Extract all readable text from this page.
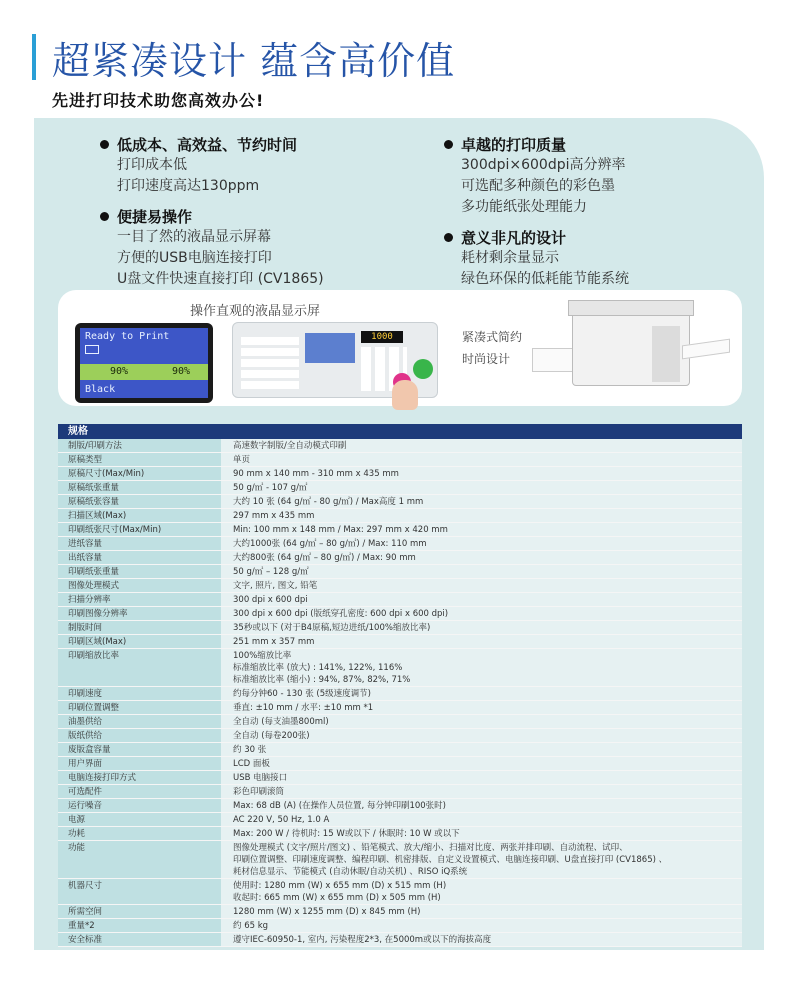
超紧凑设计 蕴含高价值
先进打印技术助您高效办公!
低成本、高效益、节约时间
打印成本低
打印速度高达130ppm
便捷易操作
一目了然的液晶显示屏幕
方便的USB电脑连接打印
U盘文件快速直接打印 (CV1865)
卓越的打印质量
300dpi×600dpi高分辨率
可选配多种颜色的彩色墨
多功能纸张处理能力
意义非凡的设计
耗材剩余量显示
绿色环保的低耗能节能系统
操作直观的液晶显示屏
Ready to Print
90%	90%
Black
1000	紧凑式简约
时尚设计
规格
制版/印刷方法	高速数字制版/全自动模式印刷
原稿类型	单页
原稿尺寸(Max/Min)	90 mm x 140 mm - 310 mm x 435 mm
原稿纸张重量	50 g/㎡ - 107 g/㎡
原稿纸张容量	大约 10 张 (64 g/㎡ - 80 g/㎡) / Max高度 1 mm
扫描区域(Max)	297 mm x 435 mm
印刷纸张尺寸(Max/Min)	Min: 100 mm x 148 mm / Max: 297 mm x 420 mm
进纸容量	大约1000张 (64 g/㎡ – 80 g/㎡) / Max: 110 mm
出纸容量	大约800张 (64 g/㎡ – 80 g/㎡) / Max: 90 mm
印刷纸张重量	50 g/㎡ – 128 g/㎡
图像处理模式	文字, 照片, 图文, 铅笔
扫描分辨率	300 dpi x 600 dpi
印刷图像分辨率	300 dpi x 600 dpi (版纸穿孔密度: 600 dpi x 600 dpi)
制版时间	35秒或以下 (对于B4原稿,短边进纸/100%缩放比率)
印刷区域(Max)	251 mm x 357 mm
印刷缩放比率	100%缩放比率
标准缩放比率 (放大) : 141%, 122%, 116%
标准缩放比率 (缩小) : 94%, 87%, 82%, 71%
印刷速度	约每分钟60 - 130 张 (5级速度调节)
印刷位置调整	垂直: ±10 mm / 水平: ±10 mm *1
油墨供给	全自动 (每支油墨800ml)
版纸供给	全自动 (每卷200张)
废版盒容量	约 30 张
用户界面	LCD 面板
电脑连接打印方式	USB 电脑接口
可选配件	彩色印刷滚筒
运行噪音	Max: 68 dB (A) (在操作人员位置, 每分钟印刷100张时)
电源	AC 220 V, 50 Hz, 1.0 A
功耗	Max: 200 W / 待机时: 15 W或以下 / 休眠时: 10 W 或以下
功能	图像处理模式 (文字/照片/图文) 、铅笔模式、放大/缩小、扫描对比度、两张并排印刷、自动流程、试印、
印刷位置调整、印刷速度调整、编程印刷、机密排版、自定义设置模式、电脑连接印刷、U盘直接打印 (CV1865) 、
耗材信息显示、节能模式 (自动休眠/自动关机) 、RISO iQ系统
机器尺寸	使用时: 1280 mm (W) x 655 mm (D) x 515 mm (H)
收起时: 665 mm (W) x 655 mm (D) x 505 mm (H)
所需空间	1280 mm (W) x 1255 mm (D) x 845 mm (H)
重量*2	约 65 kg
安全标准	遵守IEC-60950-1, 室内, 污染程度2*3, 在5000m或以下的海拔高度
